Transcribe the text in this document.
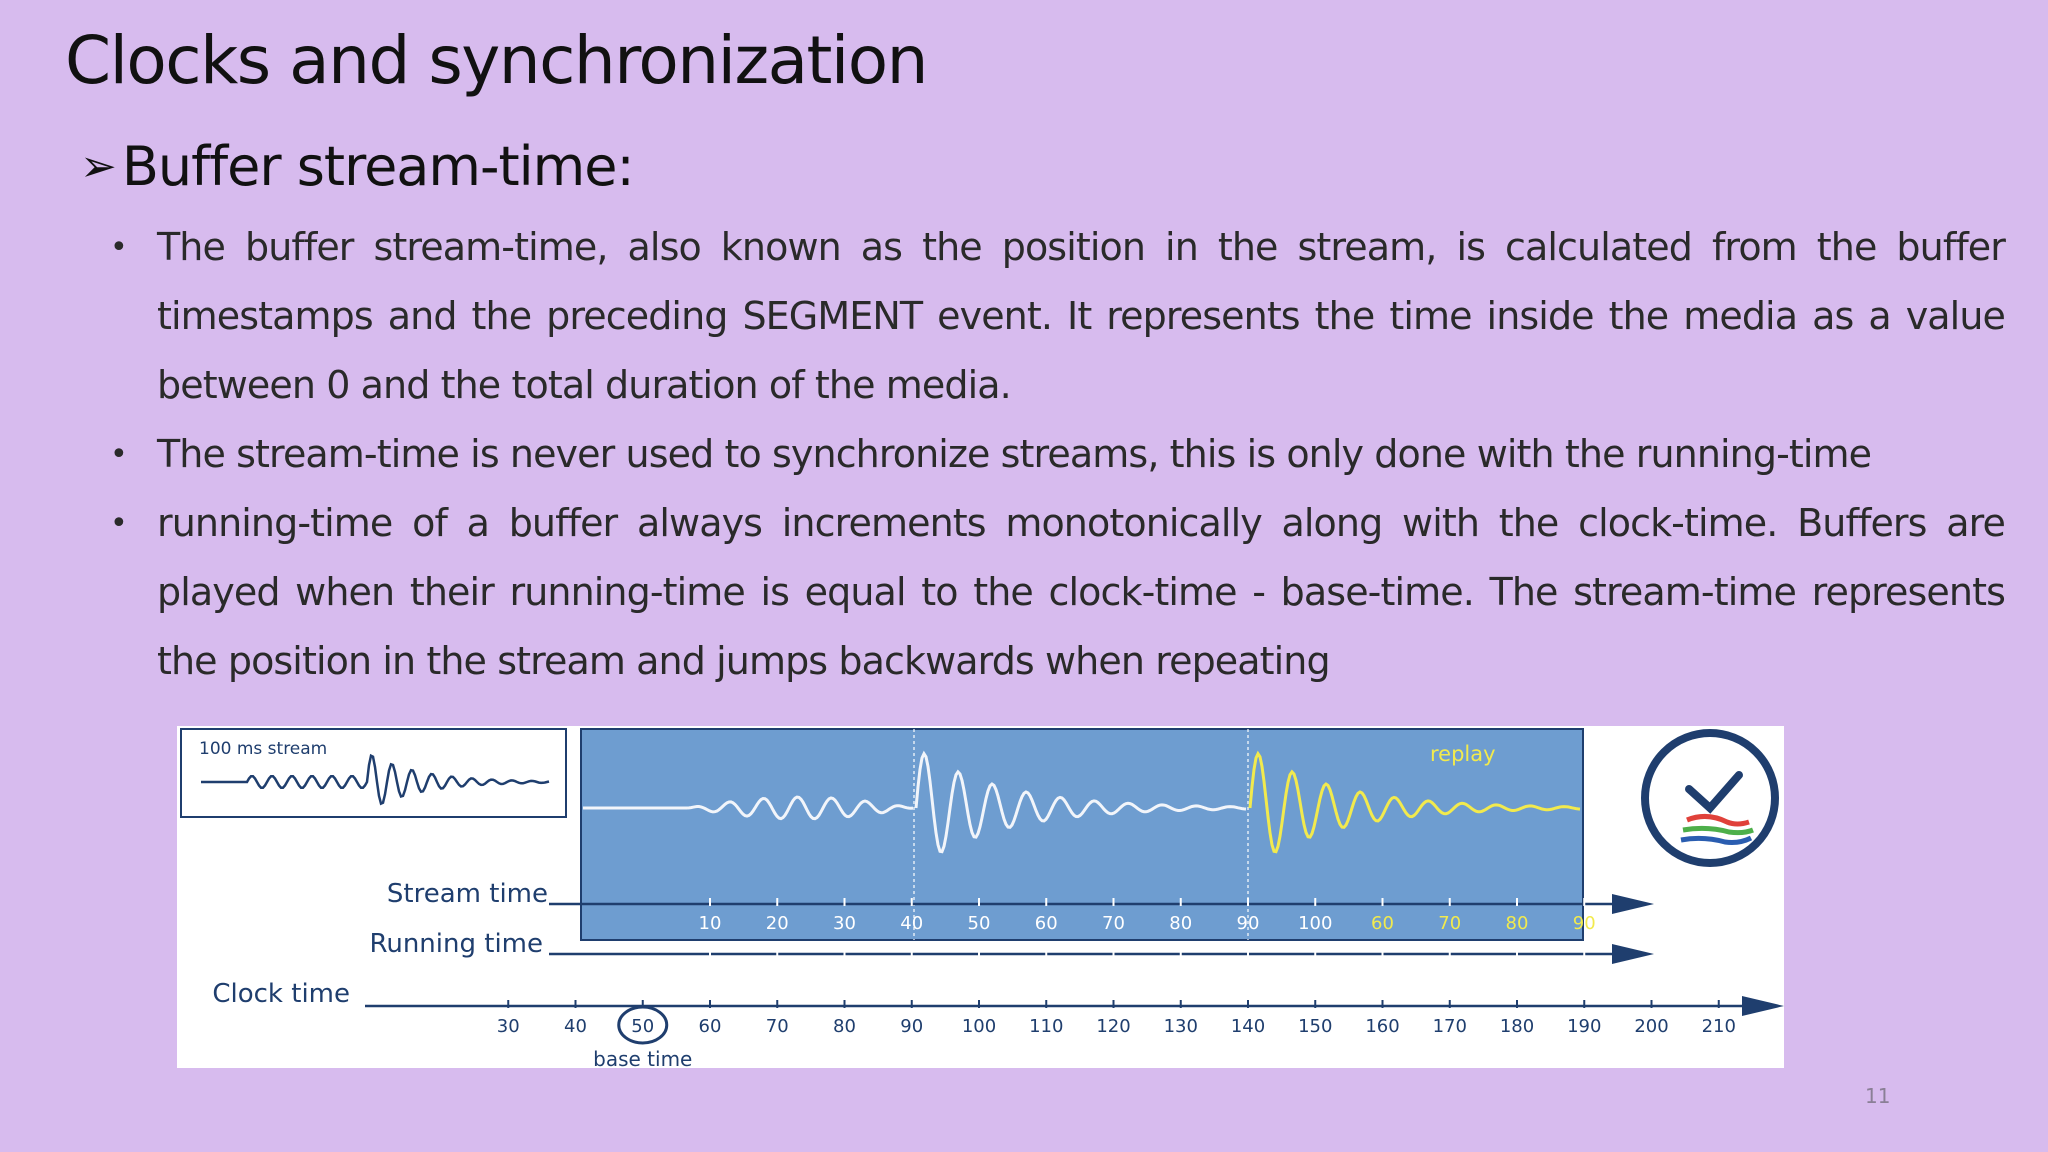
Clocks and synchronization
➢ Buffer stream-time:
• The buffer stream-time, also known as the position in the stream, is calculated from the buffer timestamps and the preceding SEGMENT event. It represents the time inside the media as a value between 0 and the total duration of the media.
• The stream-time is never used to synchronize streams, this is only done with the running-time
• running-time of a buffer always increments monotonically along with the clock-time. Buffers are played when their running-time is equal to the clock-time - base-time. The stream-time represents the position in the stream and jumps backwards when repeating
100 ms stream	replay
Stream time
Running time
Clock time
10 20 30 40 50 60 70 80 90 100 60 70 80 90
10 20 30 40 50 60 70 80 90 100 110 120 130 140
30 40 50 60 70 80 90 100 110 120 130 140 150 160 170 180 190 200 210
base time
11
